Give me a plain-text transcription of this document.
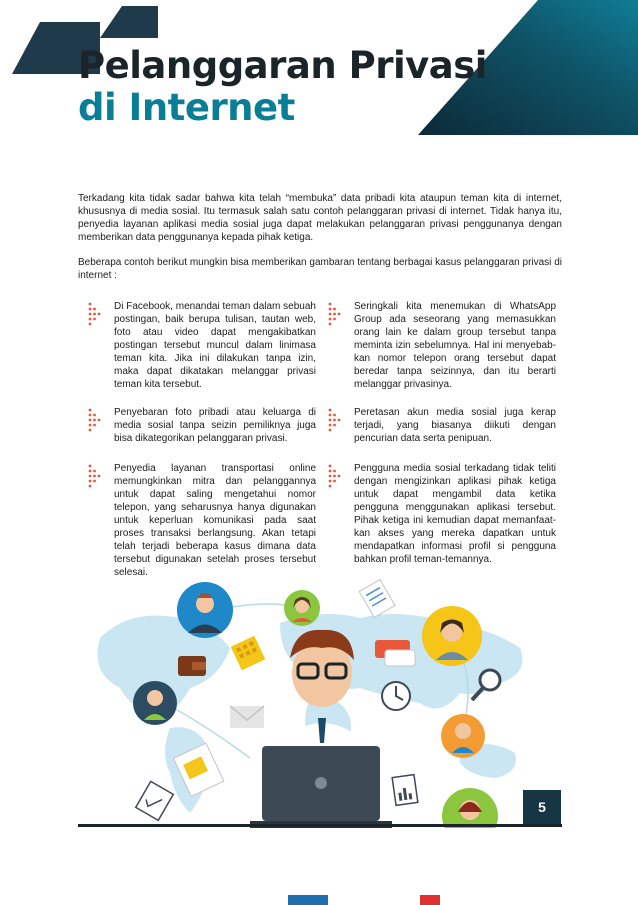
Pelanggaran Privasi
di Internet

Terkadang kita tidak sadar bahwa kita telah “membuka” data pribadi kita ataupun teman kita di internet, khususnya di media sosial. Itu termasuk salah satu contoh pelanggaran privasi di internet. Tidak hanya itu, penyedia layanan aplikasi media sosial juga dapat melakukan pelanggaran privasi penggunanya dengan memberikan data penggunanya kepada pihak ketiga.

Beberapa contoh berikut mungkin bisa memberikan gambaran tentang berbagai kasus pelanggaran privasi di internet :

Di Facebook, menandai teman dalam sebuah postingan, baik berupa tulisan, tautan web, foto atau video dapat mengakibatkan postingan tersebut muncul dalam linimasa teman kita. Jika ini dilakukan tanpa izin, maka dapat dikatakan melanggar privasi teman kita tersebut.

Seringkali kita menemukan di WhatsApp Group ada seseorang yang memasukkan orang lain ke dalam group tersebut tanpa meminta izin sebelumnya. Hal ini menyebab-kan nomor telepon orang tersebut dapat beredar tanpa seizinnya, dan itu berarti melanggar privasinya.

Penyebaran foto pribadi atau keluarga di media sosial tanpa seizin pemiliknya juga bisa dikategorikan pelanggaran privasi.

Peretasan akun media sosial juga kerap terjadi, yang biasanya diikuti dengan pencurian data serta penipuan.

Penyedia layanan transportasi online memungkinkan mitra dan pelanggannya untuk dapat saling mengetahui nomor telepon, yang seharusnya hanya digunakan untuk keperluan komunikasi pada saat proses transaksi berlangsung. Akan tetapi telah terjadi beberapa kasus dimana data tersebut digunakan setelah proses tersebut selesai.

Pengguna media sosial terkadang tidak teliti dengan mengizinkan aplikasi pihak ketiga untuk dapat mengambil data ketika pengguna menggunakan aplikasi tersebut. Pihak ketiga ini kemudian dapat memanfaat-kan akses yang mereka dapatkan untuk mendapatkan informasi profil si pengguna bahkan profil teman-temannya.

5
